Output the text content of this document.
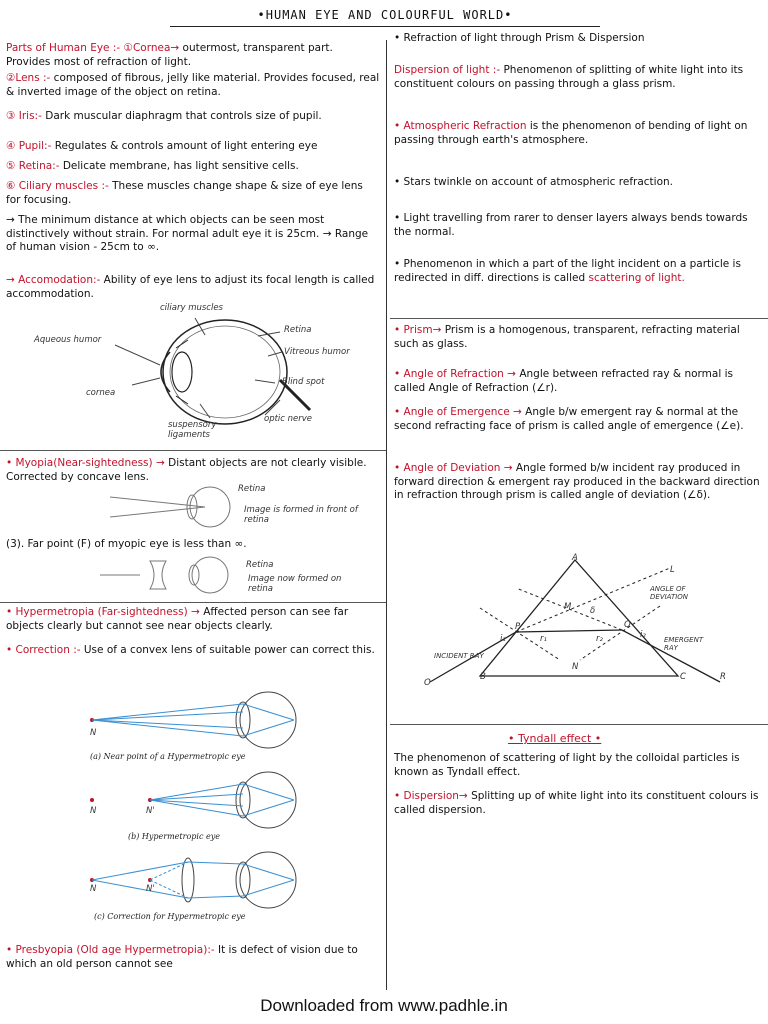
•HUMAN EYE AND COLOURFUL WORLD•
Parts of Human Eye :- ①Cornea→ outermost, transparent part. Provides most of refraction of light.
②Lens :- composed of fibrous, jelly like material. Provides focused, real & inverted image of the object on retina.
③ Iris:- Dark muscular diaphragm that controls size of pupil.
④ Pupil:- Regulates & controls amount of light entering eye
⑤ Retina:- Delicate membrane, has light sensitive cells.
⑥ Ciliary muscles :- These muscles change shape & size of eye lens for focusing.
→ The minimum distance at which objects can be seen most distinctively without strain. For normal adult eye it is 25cm. → Range of human vision - 25cm to ∞.
→ Accomodation:- Ability of eye lens to adjust its focal length is called accommodation.
ciliary muscles
Retina
Aqueous humor
Vitreous humor
cornea
Blind spot
suspensory ligaments
optic nerve
• Myopia(Near-sightedness) → Distant objects are not clearly visible. Corrected by concave lens.
Retina
Image is formed in front of retina
(3). Far point (F) of myopic eye is less than ∞.
Retina
Image now formed on retina
• Hypermetropia (Far-sightedness) → Affected person can see far objects clearly but cannot see near objects clearly.
• Correction :- Use of a convex lens of suitable power can correct this.
N
(a) Near point of a Hypermetropic eye
N	N'
(b) Hypermetropic eye
N	N'
(c) Correction for Hypermetropic eye
• Presbyopia (Old age Hypermetropia):- It is defect of vision due to which an old person cannot see
• Refraction of light through Prism & Dispersion
Dispersion of light :- Phenomenon of splitting of white light into its constituent colours on passing through a glass prism.
• Atmospheric Refraction is the phenomenon of bending of light on passing through earth's atmosphere.
• Stars twinkle on account of atmospheric refraction.
• Light travelling from rarer to denser layers always bends towards the normal.
• Phenomenon in which a part of the light incident on a particle is redirected in diff. directions is called scattering of light.
• Prism→ Prism is a homogenous, transparent, refracting material such as glass.
• Angle of Refraction → Angle between refracted ray & normal is called Angle of Refraction (∠r).
• Angle of Emergence → Angle b/w emergent ray & normal at the second refracting face of prism is called angle of emergence (∠e).
• Angle of Deviation → Angle formed b/w incident ray produced in forward direction & emergent ray produced in the backward direction in refraction through prism is called angle of deviation (∠δ).
A
B	C
P	Q
M
N
O
R
L
i₁	r₁	r₂	i₂
δ
INCIDENT RAY
EMERGENT RAY
ANGLE OF DEVIATION
• Tyndall effect •
The phenomenon of scattering of light by the colloidal particles is known as Tyndall effect.
• Dispersion→ Splitting up of white light into its constituent colours is called dispersion.
Downloaded from www.padhle.in
